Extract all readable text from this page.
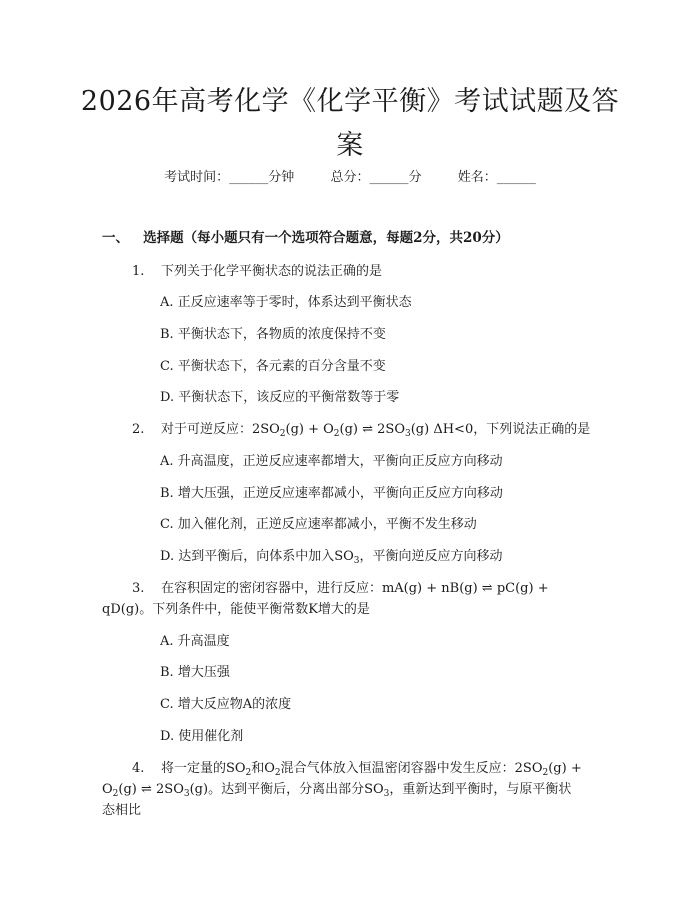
2026年高考化学《化学平衡》考试试题及答案
考试时间：______分钟	总分：______分	姓名：______
一、 选择题（每小题只有一个选项符合题意，每题2分，共20分）
1. 下列关于化学平衡状态的说法正确的是
A. 正反应速率等于零时，体系达到平衡状态
B. 平衡状态下，各物质的浓度保持不变
C. 平衡状态下，各元素的百分含量不变
D. 平衡状态下，该反应的平衡常数等于零
2. 对于可逆反应：$2SO_2(g) + O_2(g)$ ⇌ $2SO_3(g)$ ΔH<0，下列说法正确的是
A. 升高温度，正逆反应速率都增大，平衡向正反应方向移动
B. 增大压强，正逆反应速率都减小，平衡向正反应方向移动
C. 加入催化剂，正逆反应速率都减小，平衡不发生移动
D. 达到平衡后，向体系中加入$SO_3$，平衡向逆反应方向移动
3. 在容积固定的密闭容器中，进行反应：mA(g) + nB(g) ⇌ pC(g) +
qD(g)。下列条件中，能使平衡常数K增大的是
A. 升高温度
B. 增大压强
C. 增大反应物A的浓度
D. 使用催化剂
4. 将一定量的$SO_2$和$O_2$混合气体放入恒温密闭容器中发生反应：$2SO_2(g)$ +
$O_2(g)$ ⇌ $2SO_3(g)$。达到平衡后，分离出部分$SO_3$，重新达到平衡时，与原平衡状
态相比
